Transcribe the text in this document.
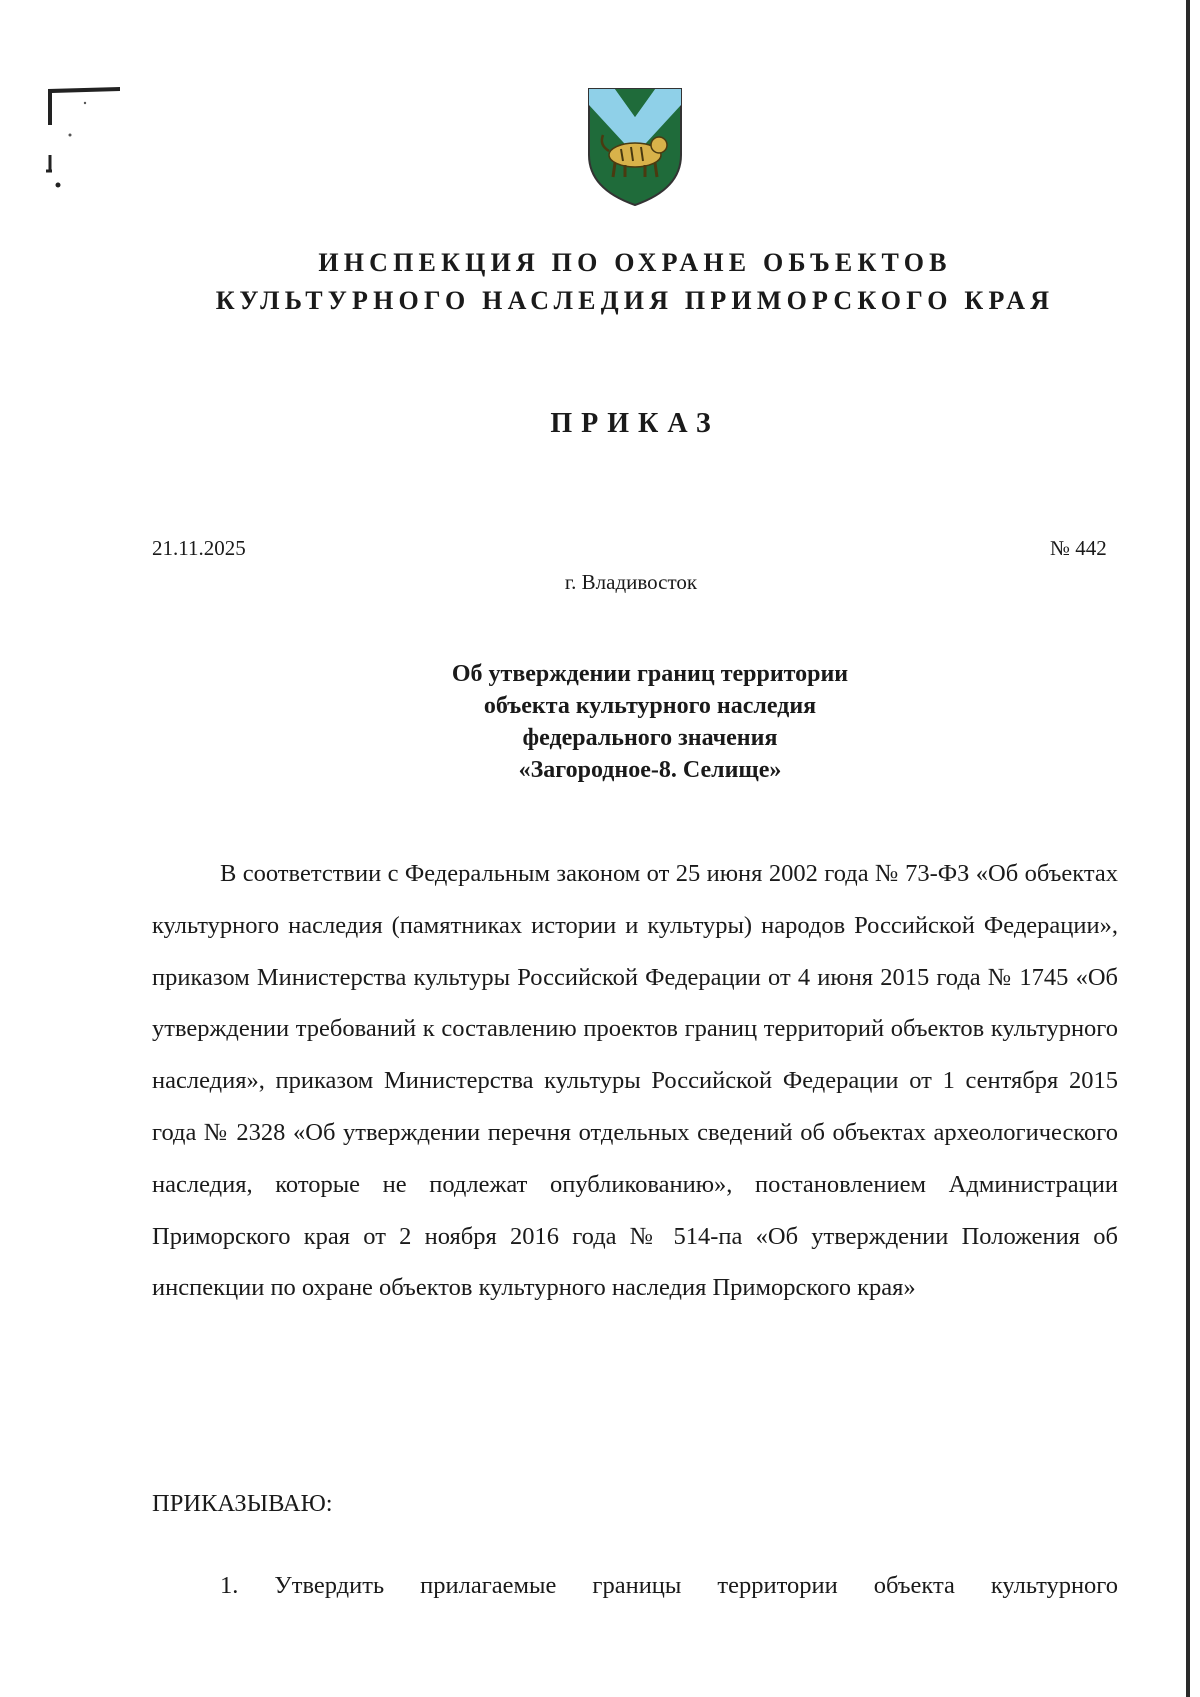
ИНСПЕКЦИЯ ПО ОХРАНЕ ОБЪЕКТОВ
КУЛЬТУРНОГО НАСЛЕДИЯ ПРИМОРСКОГО КРАЯ
ПРИКАЗ
21.11.2025	№ 442
г. Владивосток
Об утверждении границ территории
объекта культурного наследия
федерального значения
«Загородное-8. Селище»

В соответствии с Федеральным законом от 25 июня 2002 года № 73-ФЗ «Об объектах культурного наследия (памятниках истории и культуры) народов Российской Федерации», приказом Министерства культуры Российской Федерации от 4 июня 2015 года № 1745 «Об утверждении требований к составлению проектов границ территорий объектов культурного наследия», приказом Министерства культуры Российской Федерации от 1 сентября 2015 года № 2328 «Об утверждении перечня отдельных сведений об объектах археологического наследия, которые не подлежат опубликованию», постановлением Администрации Приморского края от 2 ноября 2016 года № 514-па «Об утверждении Положения об инспекции по охране объектов культурного наследия Приморского края»

ПРИКАЗЫВАЮ:

1. Утвердить прилагаемые границы территории объекта культурного
